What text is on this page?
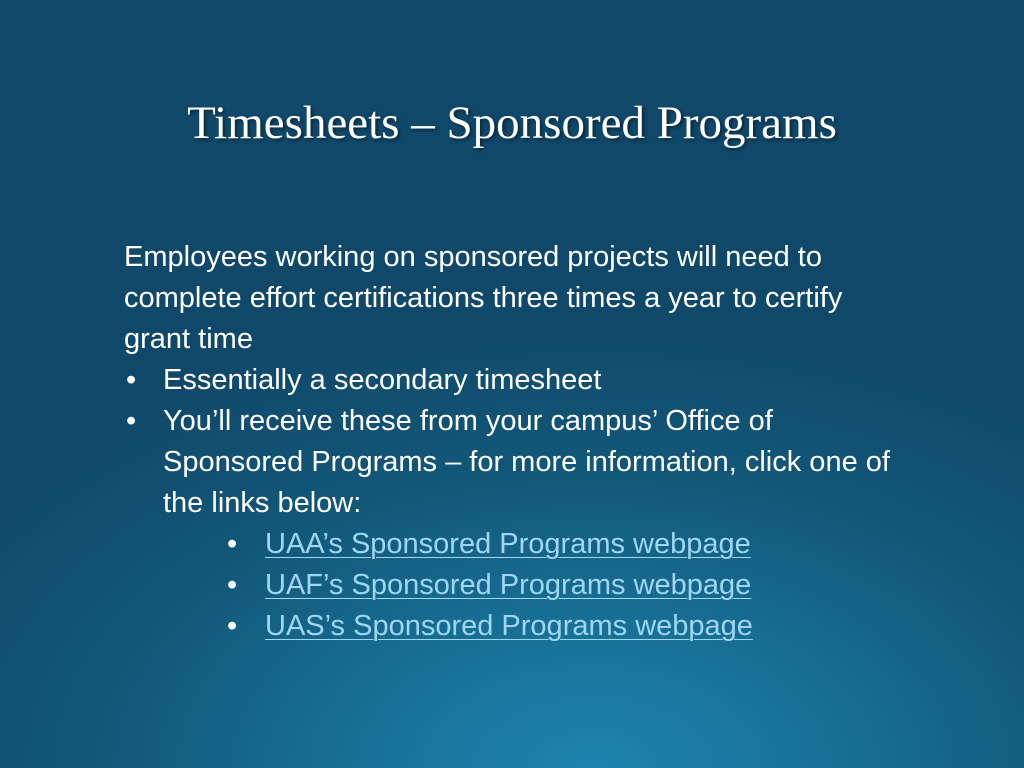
Timesheets – Sponsored Programs

Employees working on sponsored projects will need to complete effort certifications three times a year to certify grant time

• Essentially a secondary timesheet
• You’ll receive these from your campus’ Office of Sponsored Programs – for more information, click one of the links below:
• UAA’s Sponsored Programs webpage
• UAF’s Sponsored Programs webpage
• UAS’s Sponsored Programs webpage
